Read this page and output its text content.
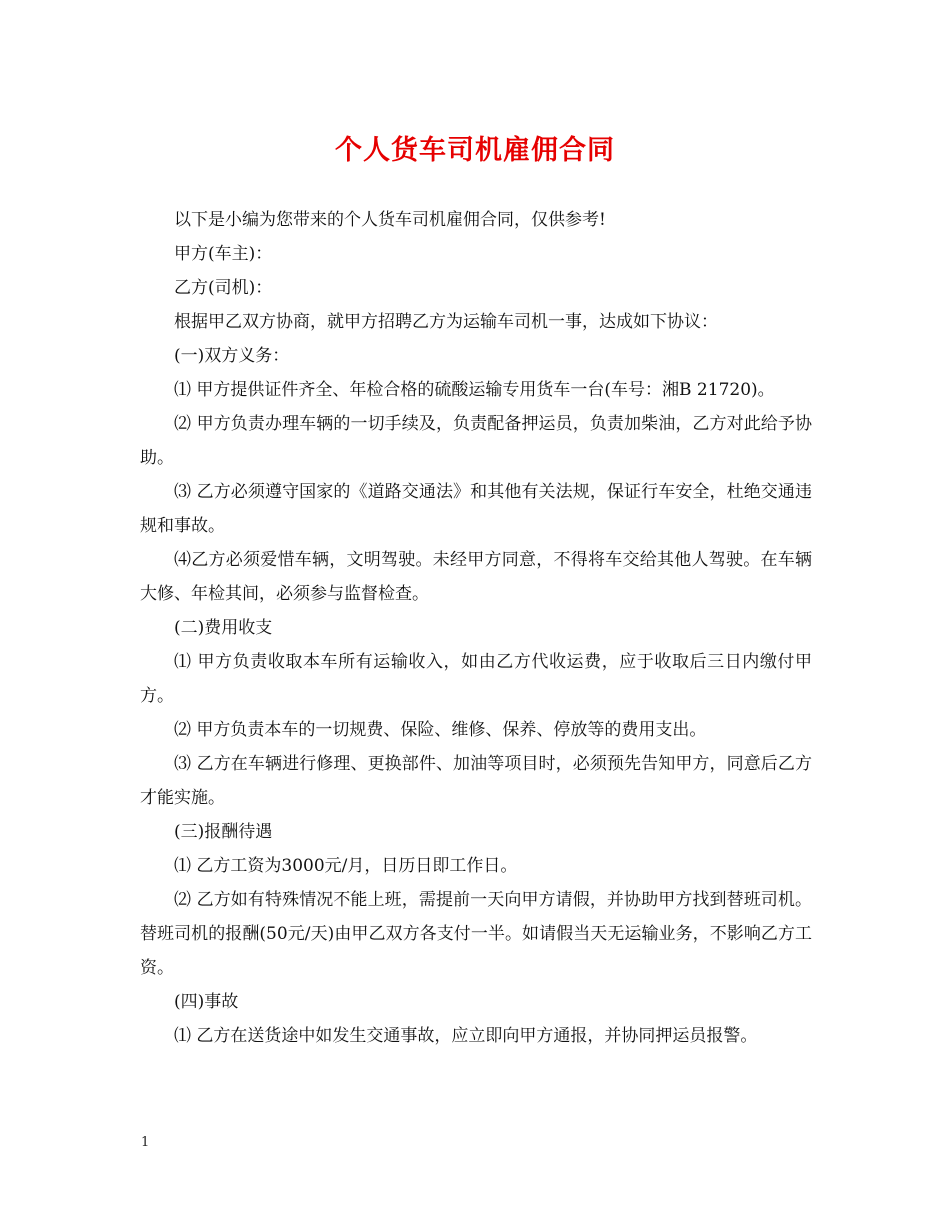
个人货车司机雇佣合同

以下是小编为您带来的个人货车司机雇佣合同，仅供参考!

甲方(车主)：

乙方(司机)：

根据甲乙双方协商，就甲方招聘乙方为运输车司机一事，达成如下协议：

(一)双方义务：

⑴ 甲方提供证件齐全、年检合格的硫酸运输专用货车一台(车号：湘B 21720)。

⑵ 甲方负责办理车辆的一切手续及，负责配备押运员，负责加柴油，乙方对此给予协助。

⑶ 乙方必须遵守国家的《道路交通法》和其他有关法规，保证行车安全，杜绝交通违规和事故。

⑷乙方必须爱惜车辆，文明驾驶。未经甲方同意，不得将车交给其他人驾驶。在车辆大修、年检其间，必须参与监督检查。

(二)费用收支

⑴ 甲方负责收取本车所有运输收入，如由乙方代收运费，应于收取后三日内缴付甲方。

⑵ 甲方负责本车的一切规费、保险、维修、保养、停放等的费用支出。

⑶ 乙方在车辆进行修理、更换部件、加油等项目时，必须预先告知甲方，同意后乙方才能实施。

(三)报酬待遇

⑴ 乙方工资为3000元/月，日历日即工作日。

⑵ 乙方如有特殊情况不能上班，需提前一天向甲方请假，并协助甲方找到替班司机。替班司机的报酬(50元/天)由甲乙双方各支付一半。如请假当天无运输业务，不影响乙方工资。

(四)事故

⑴ 乙方在送货途中如发生交通事故，应立即向甲方通报，并协同押运员报警。

1
